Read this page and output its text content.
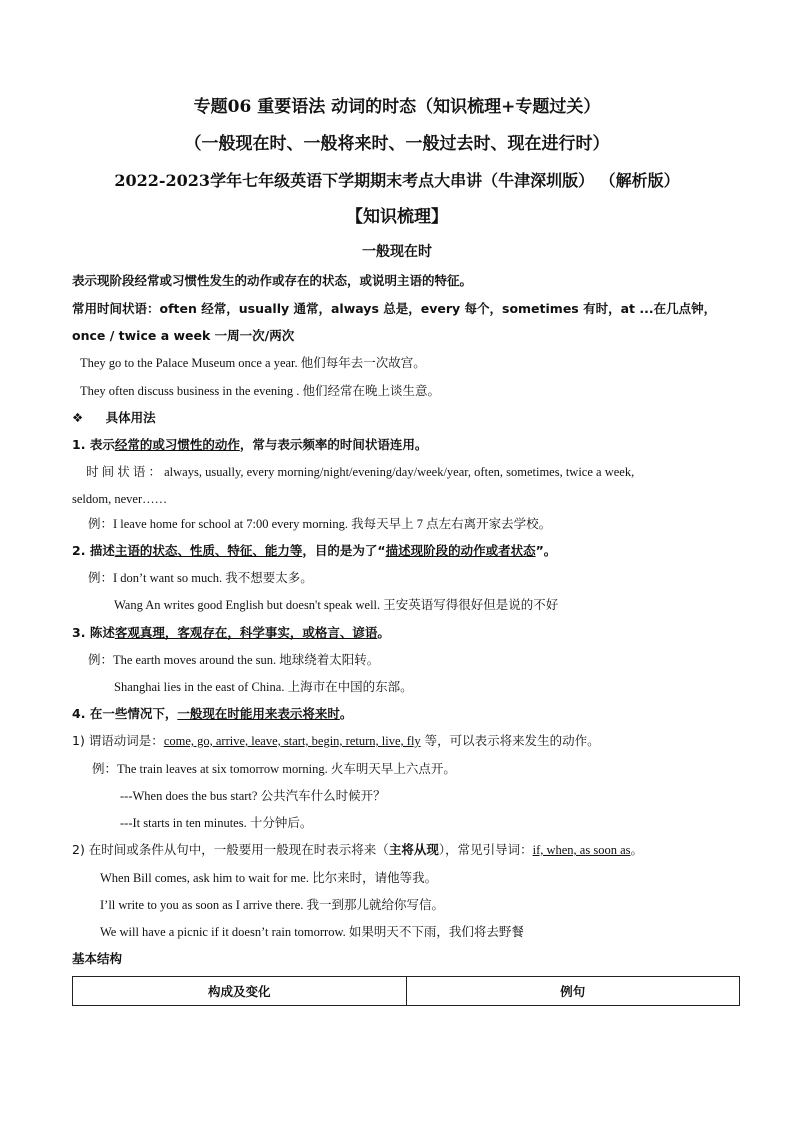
专题06 重要语法 动词的时态（知识梳理+专题过关）
（一般现在时、一般将来时、一般过去时、现在进行时）
2022-2023学年七年级英语下学期期末考点大串讲（牛津深圳版） （解析版）
【知识梳理】
一般现在时
表示现阶段经常或习惯性发生的动作或存在的状态，或说明主语的特征。
常用时间状语：often 经常，usually 通常，always 总是，every 每个，sometimes 有时，at ...在几点钟，
once / twice a week 一周一次/两次
They go to the Palace Museum once a year. 他们每年去一次故宫。
They often discuss business in the evening . 他们经常在晚上谈生意。
❖ 具体用法
1. 表示经常的或习惯性的动作，常与表示频率的时间状语连用。
时 间 状 语 ： always, usually, every morning/night/evening/day/week/year, often, sometimes, twice a week,
seldom, never……
例：I leave home for school at 7:00 every morning. 我每天早上 7 点左右离开家去学校。
2. 描述主语的状态、性质、特征、能力等，目的是为了“描述现阶段的动作或者状态”。
例：I don’t want so much. 我不想要太多。
Wang An writes good English but doesn't speak well. 王安英语写得很好但是说的不好
3. 陈述客观真理，客观存在，科学事实，或格言、谚语。
例：The earth moves around the sun. 地球绕着太阳转。
Shanghai lies in the east of China. 上海市在中国的东部。
4. 在一些情况下，一般现在时能用来表示将来时。
1) 谓语动词是：come, go, arrive, leave, start, begin, return, live, fly 等，可以表示将来发生的动作。
例：The train leaves at six tomorrow morning. 火车明天早上六点开。
---When does the bus start? 公共汽车什么时候开？
---It starts in ten minutes. 十分钟后。
2) 在时间或条件从句中，一般要用一般现在时表示将来（主将从现），常见引导词：if, when, as soon as。
When Bill comes, ask him to wait for me. 比尔来时，请他等我。
I’ll write to you as soon as I arrive there. 我一到那儿就给你写信。
We will have a picnic if it doesn’t rain tomorrow. 如果明天不下雨，我们将去野餐
基本结构
构成及变化	例句
